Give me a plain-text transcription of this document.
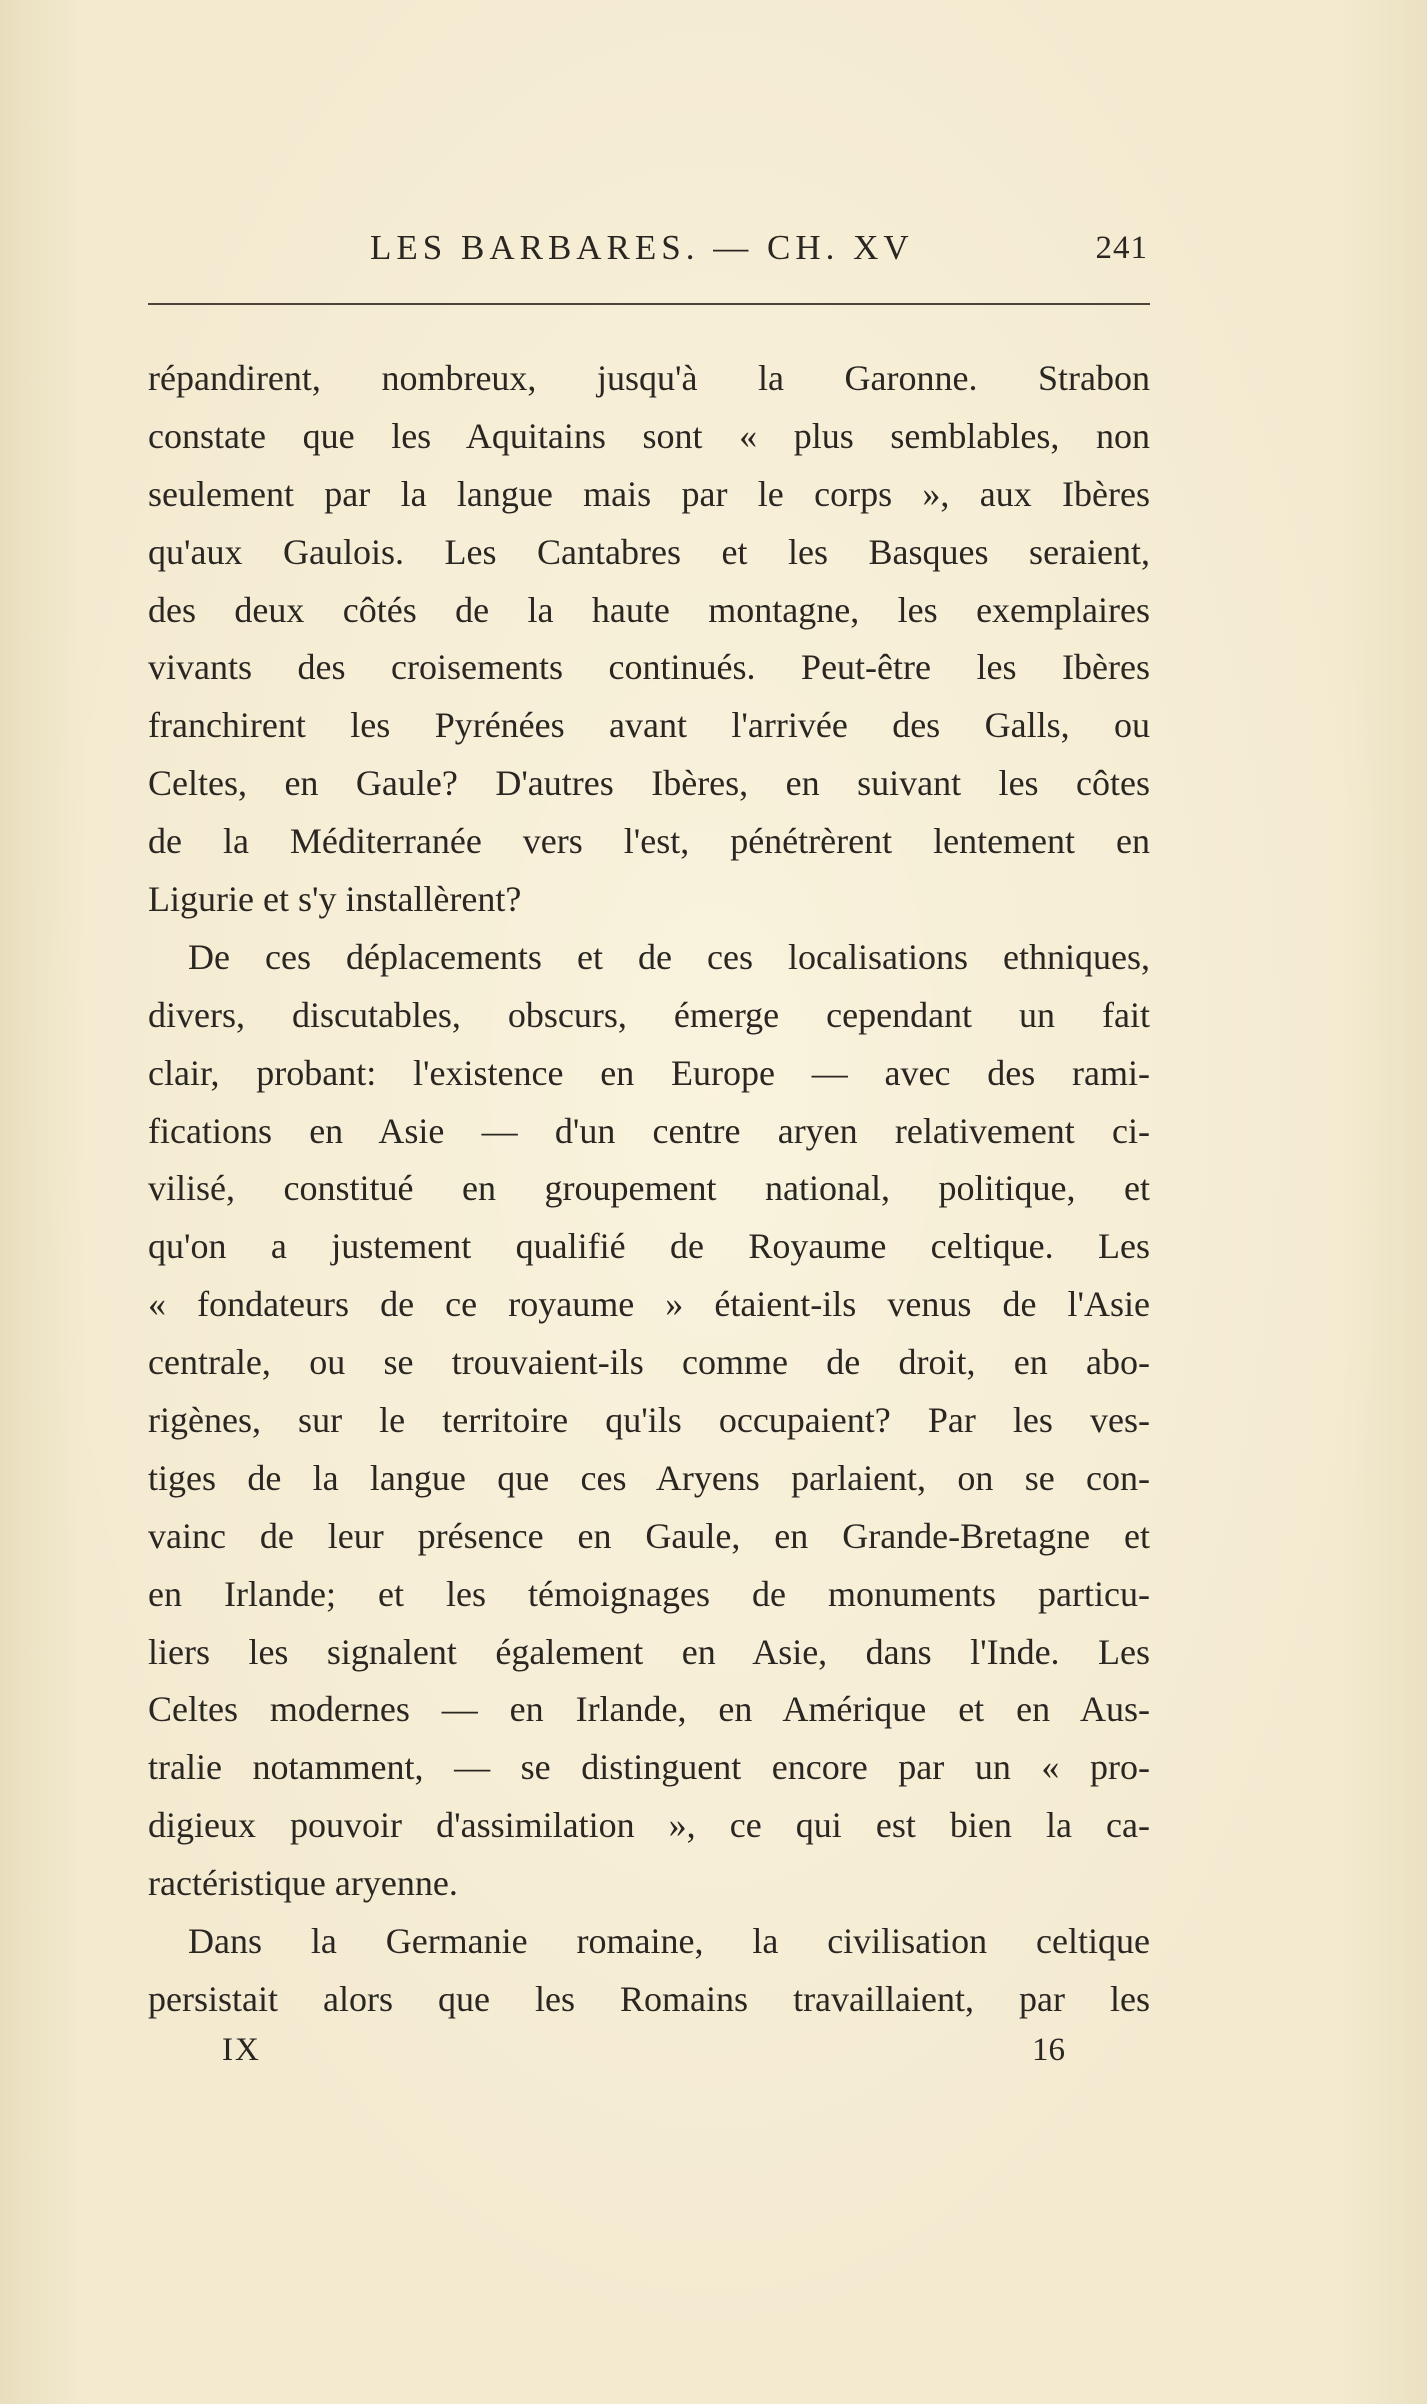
LES BARBARES. — CH. XV	241
répandirent, nombreux, jusqu'à la Garonne. Strabon
constate que les Aquitains sont « plus semblables, non
seulement par la langue mais par le corps », aux Ibères
qu'aux Gaulois. Les Cantabres et les Basques seraient,
des deux côtés de la haute montagne, les exemplaires
vivants des croisements continués. Peut-être les Ibères
franchirent les Pyrénées avant l'arrivée des Galls, ou
Celtes, en Gaule? D'autres Ibères, en suivant les côtes
de la Méditerranée vers l'est, pénétrèrent lentement en
Ligurie et s'y installèrent?
De ces déplacements et de ces localisations ethniques,
divers, discutables, obscurs, émerge cependant un fait
clair, probant: l'existence en Europe — avec des rami-
fications en Asie — d'un centre aryen relativement ci-
vilisé, constitué en groupement national, politique, et
qu'on a justement qualifié de Royaume celtique. Les
« fondateurs de ce royaume » étaient-ils venus de l'Asie
centrale, ou se trouvaient-ils comme de droit, en abo-
rigènes, sur le territoire qu'ils occupaient? Par les ves-
tiges de la langue que ces Aryens parlaient, on se con-
vainc de leur présence en Gaule, en Grande-Bretagne et
en Irlande; et les témoignages de monuments particu-
liers les signalent également en Asie, dans l'Inde. Les
Celtes modernes — en Irlande, en Amérique et en Aus-
tralie notamment, — se distinguent encore par un « pro-
digieux pouvoir d'assimilation », ce qui est bien la ca-
ractéristique aryenne.
Dans la Germanie romaine, la civilisation celtique
persistait alors que les Romains travaillaient, par les
IX	16
